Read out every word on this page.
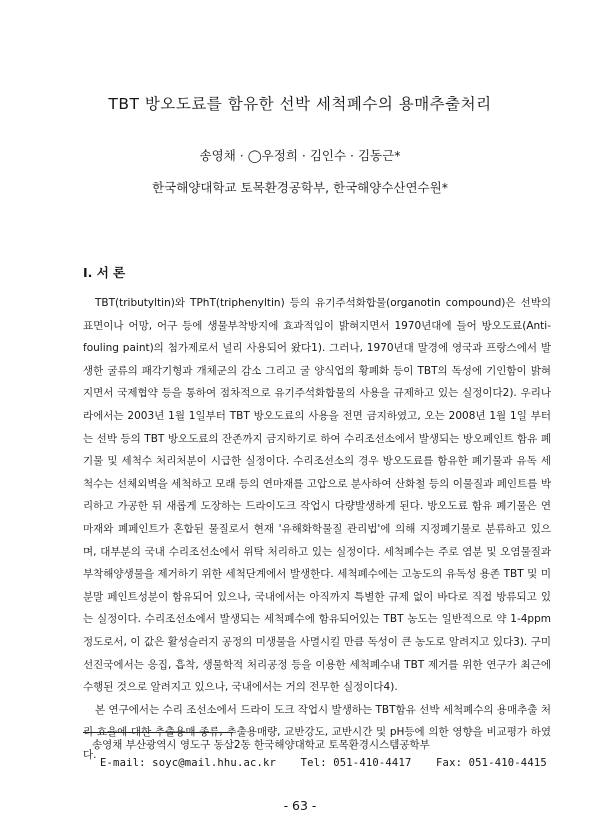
TBT 방오도료를 함유한 선박 세척폐수의 용매추출처리
송영채 · ◯우정희 · 김인수 · 김동근*
한국해양대학교 토목환경공학부, 한국해양수산연수원*
I. 서 론

TBT(tributyltin)와 TPhT(triphenyltin) 등의 유기주석화합물(organotin compound)은 선박의 표면이나 어망, 어구 등에 생물부착방지에 효과적임이 밝혀지면서 1970년대에 들어 방오도료(Anti-fouling paint)의 첨가제로서 널리 사용되어 왔다1). 그러나, 1970년대 말경에 영국과 프랑스에서 발생한 굴류의 패각기형과 개체군의 감소 그리고 굴 양식업의 황폐화 등이 TBT의 독성에 기인함이 밝혀지면서 국제협약 등을 통하여 점차적으로 유기주석화합물의 사용을 규제하고 있는 실정이다2). 우리나라에서는 2003년 1월 1일부터 TBT 방오도료의 사용을 전면 금지하였고, 오는 2008년 1월 1일 부터는 선박 등의 TBT 방오도료의 잔존까지 금지하기로 하여 수리조선소에서 발생되는 방오페인트 함유 폐기물 및 세척수 처리처분이 시급한 실정이다. 수리조선소의 경우 방오도료를 함유한 폐기물과 유독 세척수는 선체외벽을 세척하고 모래 등의 연마재를 고압으로 분사하여 산화철 등의 이물질과 페인트를 박리하고 가공한 뒤 새롭게 도장하는 드라이도크 작업시 다량발생하게 된다. 방오도료 함유 폐기물은 연마재와 폐페인트가 혼합된 물질로서 현재 '유해화학물질 관리법'에 의해 지정폐기물로 분류하고 있으며, 대부분의 국내 수리조선소에서 위탁 처리하고 있는 실정이다. 세척폐수는 주로 염분 및 오염물질과 부착해양생물을 제거하기 위한 세척단계에서 발생한다. 세척폐수에는 고농도의 유독성 용존 TBT 및 미분말 페인트성분이 함유되어 있으나, 국내에서는 아직까지 특별한 규제 없이 바다로 직접 방류되고 있는 실정이다. 수리조선소에서 발생되는 세척폐수에 함유되어있는 TBT 농도는 일반적으로 약 1-4ppm 정도로서, 이 값은 활성슬러지 공정의 미생물을 사멸시킬 만큼 독성이 큰 농도로 알려지고 있다3). 구미 선진국에서는 응집, 흡착, 생물학적 처리공정 등을 이용한 세척폐수내 TBT 제거를 위한 연구가 최근에 수행된 것으로 알려지고 있으나, 국내에서는 거의 전무한 실정이다4).

본 연구에서는 수리 조선소에서 드라이 도크 작업시 발생하는 TBT함유 선박 세척폐수의 용매추출 처리 효율에 대한 추출용매 종류, 추출용매량, 교반강도, 교반시간 및 pH등에 의한 영향을 비교평가 하였다.

송영채 부산광역시 영도구 동삼2동 한국해양대학교 토목환경시스템공학부
E-mail: soyc@mail.hhu.ac.kr Tel: 051-410-4417 Fax: 051-410-4415
- 63 -
